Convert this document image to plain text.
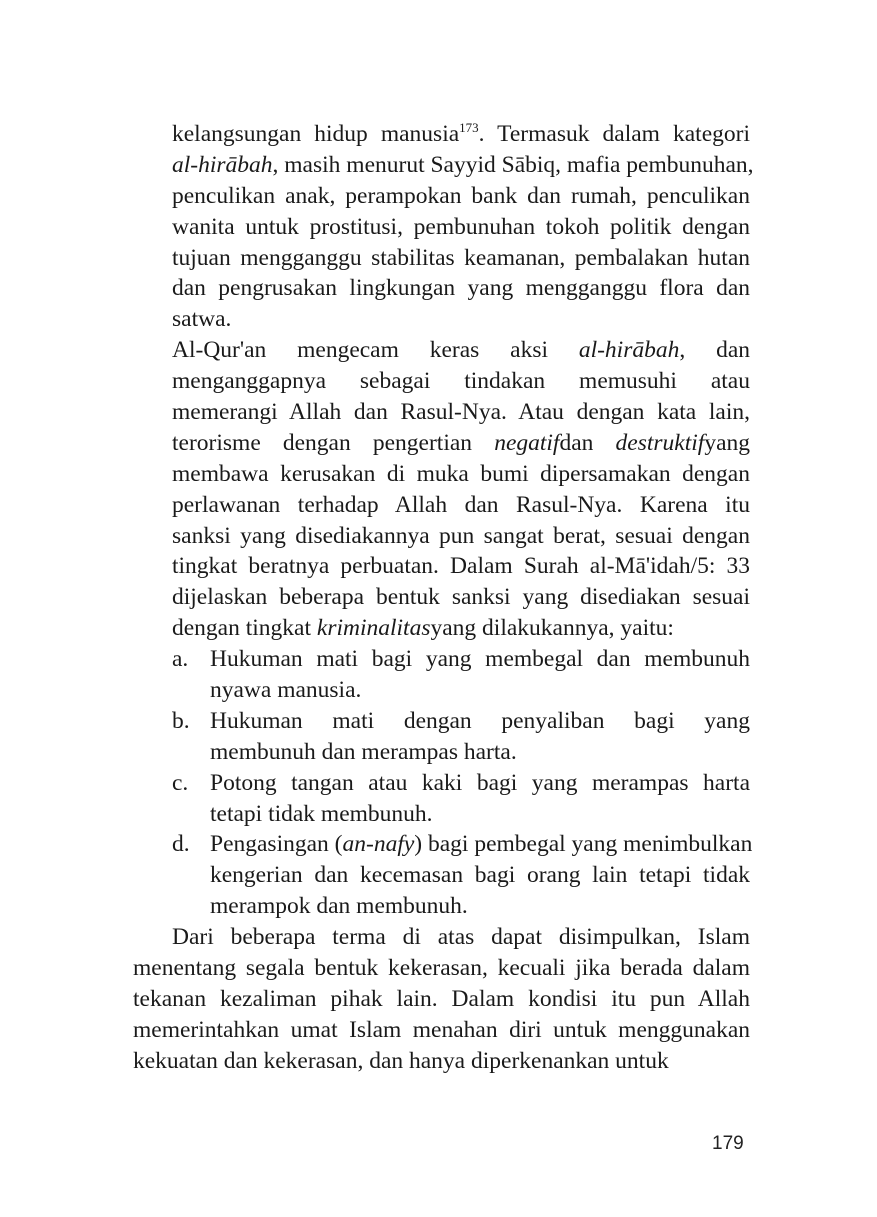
kelangsungan hidup manusia$^{173}$. Termasuk dalam kategori
al-hirābah, masih menurut Sayyid Sābiq, mafia pembunuhan,
penculikan anak, perampokan bank dan rumah, penculikan
wanita untuk prostitusi, pembunuhan tokoh politik dengan
tujuan mengganggu stabilitas keamanan, pembalakan hutan
dan pengrusakan lingkungan yang mengganggu flora dan
satwa.
Al-Qur'an mengecam keras aksi al-hirābah, dan
menganggapnya sebagai tindakan memusuhi atau
memerangi Allah dan Rasul-Nya. Atau dengan kata lain,
terorisme dengan pengertian negatifdan destruktifyang
membawa kerusakan di muka bumi dipersamakan dengan
perlawanan terhadap Allah dan Rasul-Nya. Karena itu
sanksi yang disediakannya pun sangat berat, sesuai dengan
tingkat beratnya perbuatan. Dalam Surah al-Mā'idah/5: 33
dijelaskan beberapa bentuk sanksi yang disediakan sesuai
dengan tingkat kriminalitasyang dilakukannya, yaitu:
a. Hukuman mati bagi yang membegal dan membunuh
nyawa manusia.
b. Hukuman mati dengan penyaliban bagi yang
membunuh dan merampas harta.
c. Potong tangan atau kaki bagi yang merampas harta
tetapi tidak membunuh.
d. Pengasingan (an-nafy) bagi pembegal yang menimbulkan
kengerian dan kecemasan bagi orang lain tetapi tidak
merampok dan membunuh.
Dari beberapa terma di atas dapat disimpulkan, Islam
menentang segala bentuk kekerasan, kecuali jika berada dalam
tekanan kezaliman pihak lain. Dalam kondisi itu pun Allah
memerintahkan umat Islam menahan diri untuk menggunakan
kekuatan dan kekerasan, dan hanya diperkenankan untuk
179
